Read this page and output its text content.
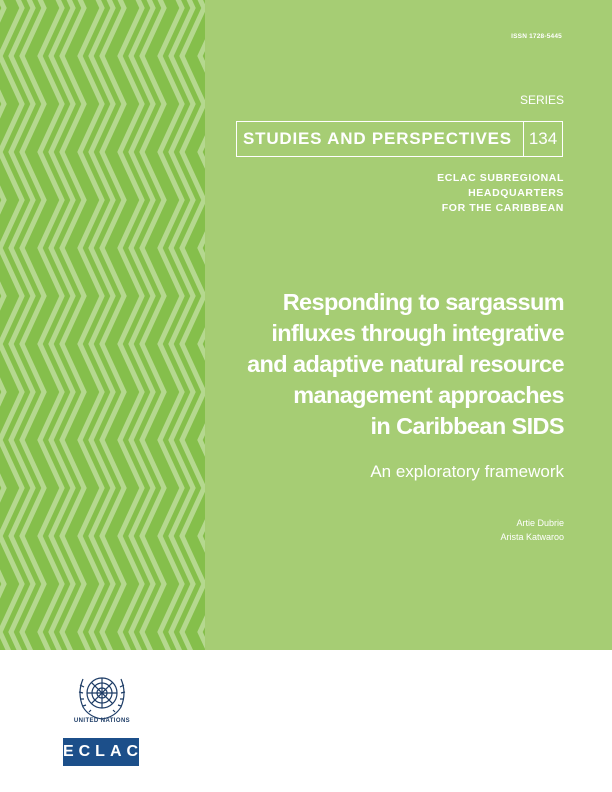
ISSN 1728-5445
SERIES
STUDIES AND PERSPECTIVES 134
ECLAC SUBREGIONAL
HEADQUARTERS
FOR THE CARIBBEAN
Responding to sargassum
influxes through integrative
and adaptive natural resource
management approaches
in Caribbean SIDS
An exploratory framework
Artie Dubrie
Arista Katwaroo
UNITED NATIONS
ECLAC
